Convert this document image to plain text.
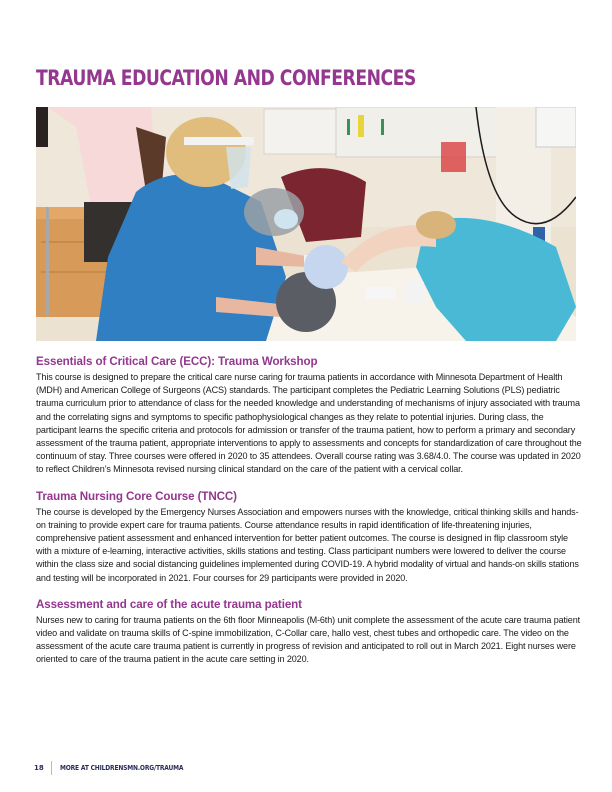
TRAUMA EDUCATION AND CONFERENCES
Essentials of Critical Care (ECC): Trauma Workshop

This course is designed to prepare the critical care nurse caring for trauma patients in accordance with Minnesota Department of Health (MDH) and American College of Surgeons (ACS) standards. The participant completes the Pediatric Learning Solutions (PLS) pediatric trauma curriculum prior to attendance of class for the needed knowledge and understanding of mechanisms of injury associated with trauma and the correlating signs and symptoms to specific pathophysiological changes as they relate to potential injuries. During class, the participant learns the specific criteria and protocols for admission or transfer of the trauma patient, how to perform a primary and secondary assessment of the trauma patient, appropriate interventions to apply to assessments and concepts for standardization of care throughout the continuum of stay. Three courses were offered in 2020 to 35 attendees. Overall course rating was 3.68/4.0. The course was updated in 2020 to reflect Children’s Minnesota revised nursing clinical standard on the care of the patient with a cervical collar.

Trauma Nursing Core Course (TNCC)

The course is developed by the Emergency Nurses Association and empowers nurses with the knowledge, critical thinking skills and hands-on training to provide expert care for trauma patients. Course attendance results in rapid identification of life-threatening injuries, comprehensive patient assessment and enhanced intervention for better patient outcomes. The course is designed in flip classroom style with a mixture of e-learning, interactive activities, skills stations and testing. Class participant numbers were lowered to deliver the course within the class size and social distancing guidelines implemented during COVID-19. A hybrid modality of virtual and hands-on skills stations and testing will be incorporated in 2021. Four courses for 29 participants were provided in 2020.

Assessment and care of the acute trauma patient

Nurses new to caring for trauma patients on the 6th floor Minneapolis (M-6th) unit complete the assessment of the acute care trauma patient video and validate on trauma skills of C-spine immobilization, C-Collar care, hallo vest, chest tubes and orthopedic care. The video on the assessment of the acute care trauma patient is currently in progress of revision and anticipated to roll out in March 2021. Eight nurses were oriented to care of the trauma patient in the acute care setting in 2020.

18	MORE AT CHILDRENSMN.ORG/TRAUMA
